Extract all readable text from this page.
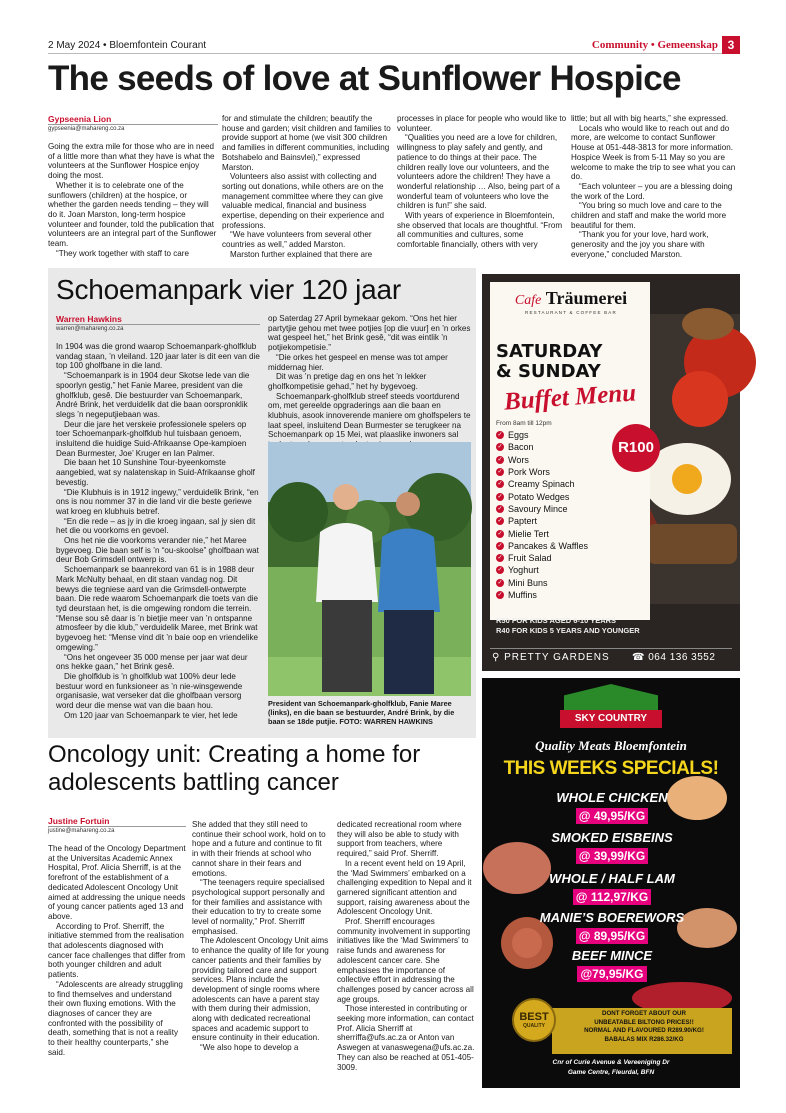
2 May 2024 • Bloemfontein Courant	Community • Gemeenskap 3
The seeds of love at Sunflower Hospice
Gypseenia Lion
gypseenia@mahareng.co.za

Going the extra mile for those who are in need of a little more than what they have is what the volunteers at the Sunflower Hospice enjoy doing the most.

Whether it is to celebrate one of the sunflowers (children) at the hospice, or whether the garden needs tending – they will do it. Joan Marston, long-term hospice volunteer and founder, told the publication that volunteers are an integral part of the Sunflower team.

“They work together with staff to care

for and stimulate the children; beautify the house and garden; visit children and families to provide support at home (we visit 300 children and families in different communities, including Botshabelo and Bainsvlei),” expressed Marston.

Volunteers also assist with collecting and sorting out donations, while others are on the management committee where they can give valuable medical, financial and business expertise, depending on their experience and professions.

“We have volunteers from several other countries as well,” added Marston.

Marston further explained that there are

processes in place for people who would like to volunteer.

“Qualities you need are a love for children, willingness to play safely and gently, and patience to do things at their pace. The children really love our volunteers, and the volunteers adore the children! They have a wonderful relationship … Also, being part of a wonderful team of volunteers who love the children is fun!” she said.

With years of experience in Bloemfontein, she observed that locals are thoughtful. “From all communities and cultures, some comfortable financially, others with very

little; but all with big hearts,” she expressed.

Locals who would like to reach out and do more, are welcome to contact Sunflower House at 051-448-3813 for more information. Hospice Week is from 5-11 May so you are welcome to make the trip to see what you can do.

“Each volunteer – you are a blessing doing the work of the Lord.

“You bring so much love and care to the children and staff and make the world more beautiful for them.

“Thank you for your love, hard work, generosity and the joy you share with everyone,” concluded Marston.

Schoemanpark vier 120 jaar
Warren Hawkins
warren@mahareng.co.za

In 1904 was die grond waarop Schoemanpark-gholfklub vandag staan, ’n vleiland. 120 jaar later is dit een van die top 100 gholfbane in die land.

“Schoemanpark is in 1904 deur Skotse lede van die spoorlyn gestig,” het Fanie Maree, president van die gholfklub, gesê. Die bestuurder van Schoemanpark, André Brink, het verduidelik dat die baan oorspronklik slegs ’n negeputjiebaan was.

Deur die jare het verskeie professionele spelers op toer Schoemanpark-gholfklub hul tuisbaan genoem, insluitend die huidige Suid-Afrikaanse Ope-kampioen Dean Burmester, Joe’ Kruger en Ian Palmer.

Die baan het 10 Sunshine Tour-byeenkomste aangebied, wat sy nalatenskap in Suid-Afrikaanse gholf bevestig.

“Die Klubhuis is in 1912 ingewy,” verduidelik Brink, “en ons is nou nommer 37 in die land vir die beste geriewe wat kroeg en klubhuis betref.

“En die rede – as jy in die kroeg ingaan, sal jy sien dit het die ou voorkoms en gevoel.

Ons het nie die voorkoms verander nie,” het Maree bygevoeg. Die baan self is ’n “ou-skoolse” gholfbaan wat deur Bob Grimsdell ontwerp is.

Schoemanpark se baanrekord van 61 is in 1988 deur Mark McNulty behaal, en dit staan vandag nog. Dit bewys die tegniese aard van die Grimsdell-ontwerpte baan. Die rede waarom Schoemanpark die toets van die tyd deurstaan het, is die omgewing rondom die terrein. “Mense sou sê daar is ’n bietjie meer van ’n ontspanne atmosfeer by die klub,” verduidelik Maree, met Brink wat bygevoeg het: “Mense vind dit ’n baie oop en vriendelike omgewing.”

“Ons het ongeveer 35 000 mense per jaar wat deur ons hekke gaan,” het Brink gesê.

Die gholfklub is ’n gholfklub wat 100% deur lede bestuur word en funksioneer as ’n nie-winsgewende organisasie, wat verseker dat die gholfbaan versorg word deur die mense wat van die baan hou.

Om 120 jaar van Schoemanpark te vier, het lede

op Saterdag 27 April bymekaar gekom. “Ons het hier partytjie gehou met twee potjies [op die vuur] en ’n orkes wat gespeel het,” het Brink gesê, “dit was eintlik ’n potjiekompetisie.”

“Die orkes het gespeel en mense was tot amper middernag hier.

Dit was ’n pretige dag en ons het ’n lekker gholfkompetisie gehad,” het hy bygevoeg.

Schoemanpark-gholfklub streef steeds voortdurend om, met gereelde opgraderings aan die baan en klubhuis, asook innoverende maniere om gholfspelers te laat speel, insluitend Dean Burmester se terugkeer na Schoemanpark op 15 Mei, wat plaaslike inwoners sal

President van Schoemanpark-gholfklub, Fanie Maree (links), en die baan se bestuurder, André Brink, by die baan se 18de putjie. FOTO: WARREN HAWKINS
Oncology unit: Creating a home for
adolescents battling cancer
Justine Fortuin
justine@mahareng.co.za

The head of the Oncology Department at the Universitas Academic Annex Hospital, Prof. Alicia Sherriff, is at the forefront of the establishment of a dedicated Adolescent Oncology Unit aimed at addressing the unique needs of young cancer patients aged 13 and above.

According to Prof. Sherriff, the initiative stemmed from the realisation that adolescents diagnosed with cancer face challenges that differ from both younger children and adult patients.

“Adolescents are already struggling to find themselves and understand their own fluxing emotions. With the diagnoses of cancer they are confronted with the possibility of death, something that is not a reality to their healthy counterparts,” she said.

She added that they still need to continue their school work, hold on to hope and a future and continue to fit in with their friends at school who cannot share in their fears and emotions.

“The teenagers require specialised psychological support personally and for their families and assistance with their education to try to create some level of normality,” Prof. Sherriff emphasised.

The Adolescent Oncology Unit aims to enhance the quality of life for young cancer patients and their families by providing tailored care and support services. Plans include the development of single rooms where adolescents can have a parent stay with them during their admission, along with dedicated recreational spaces and academic support to ensure continuity in their education.

“We also hope to develop a

dedicated recreational room where they will also be able to study with support from teachers, where required,” said Prof. Sherriff.

In a recent event held on 19 April, the ‘Mad Swimmers’ embarked on a challenging expedition to Nepal and it garnered significant attention and support, raising awareness about the Adolescent Oncology Unit.

Prof. Sherriff encourages community involvement in supporting initiatives like the ‘Mad Swimmers’ to raise funds and awareness for adolescent cancer care. She emphasises the importance of collective effort in addressing the challenges posed by cancer across all age groups.

Those interested in contributing or seeking more information, can contact Prof. Alicia Sherriff at sherriffa@ufs.ac.za or Anton van Aswegen at vanaswegena@ufs.ac.za. They can also be reached at 051-405-3009.

Cafe Träumerei
RESTAURANT & COFFEE BAR
SATURDAY
& SUNDAY
Buffet Menu
From 8am till 12pm
R100
✓ Eggs
✓ Bacon
✓ Wors
✓ Pork Wors
✓ Creamy Spinach
✓ Potato Wedges
✓ Savoury Mince
✓ Paptert
✓ Mielie Tert
✓ Pancakes & Waffles
✓ Fruit Salad
✓ Yoghurt
✓ Mini Buns
✓ Muffins
R50 FOR KIDS AGED 6-10 YEARS
R40 FOR KIDS 5 YEARS AND YOUNGER
⚲ PRETTY GARDENS ☎ 064 136 3552
SKY COUNTRY
Quality Meats Bloemfontein
THIS WEEKS SPECIALS!
WHOLE CHICKEN
@ 49,95/KG
SMOKED EISBEINS
@ 39,99/KG
WHOLE / HALF LAM
@ 112,97/KG
MANIE’S BOEREWORS
@ 89,95/KG
BEEF MINCE
@79,95/KG
BEST
QUALITY
DONT FORGET ABOUT OUR
UNBEATABLE BILTONG PRICES!!
NORMAL AND FLAVOURED R289.90/KG!
BABALAS MIX R286.32/KG
Cnr of Curie Avenue & Vereeniging Dr
Game Centre, Fleurdal, BFN
